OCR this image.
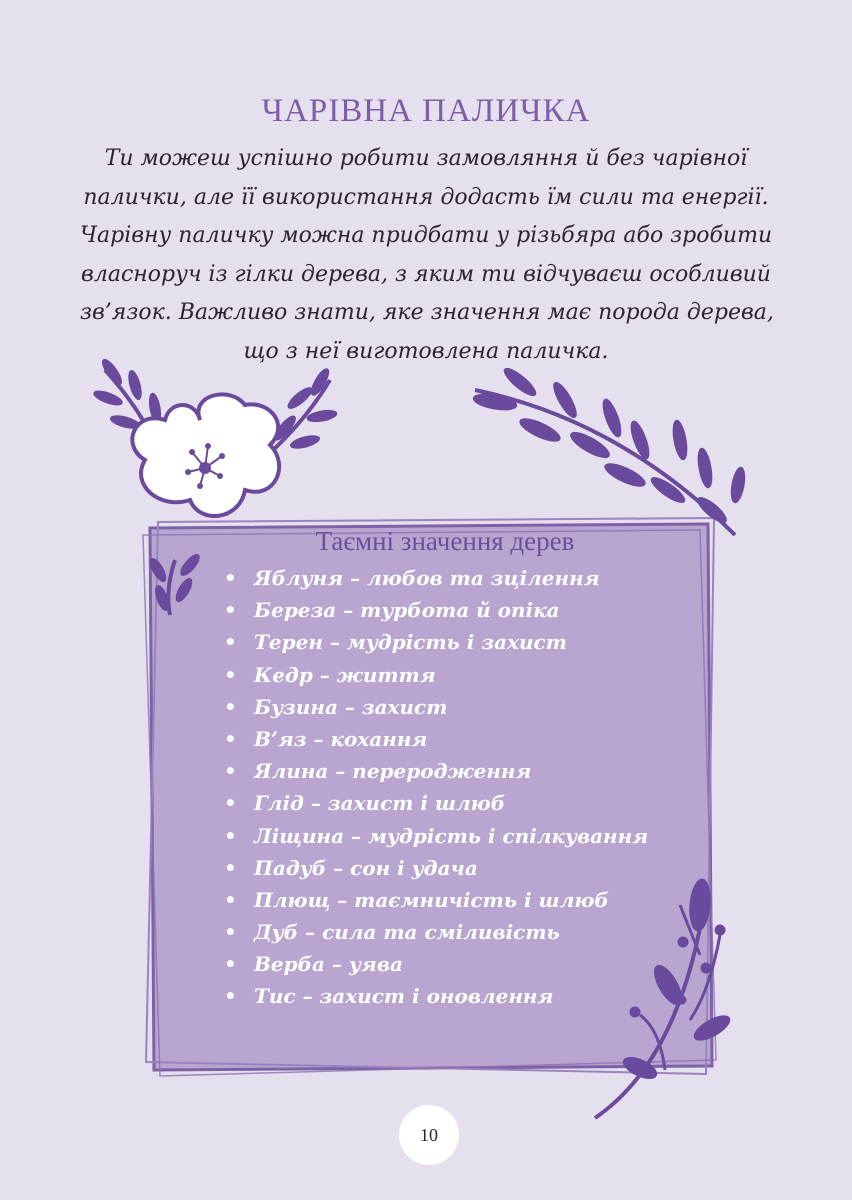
ЧАРІВНА ПАЛИЧКА
Ти можеш успішно робити замовляння й без чарівної
палички, але її використання додасть їм сили та енергії.
Чарівну паличку можна придбати у різьбяра або зробити
власноруч із гілки дерева, з яким ти відчуваєш особливий
зв’язок. Важливо знати, яке значення має порода дерева,
що з неї виготовлена паличка.
Таємні значення дерев
• Яблуня – любов та зцілення
• Береза – турбота й опіка
• Терен – мудрість і захист
• Кедр – життя
• Бузина – захист
• В’яз – кохання
• Ялина – переродження
• Глід – захист і шлюб
• Ліщина – мудрість і спілкування
• Падуб – сон і удача
• Плющ – таємничість і шлюб
• Дуб – сила та сміливість
• Верба – уява
• Тис – захист і оновлення
10
